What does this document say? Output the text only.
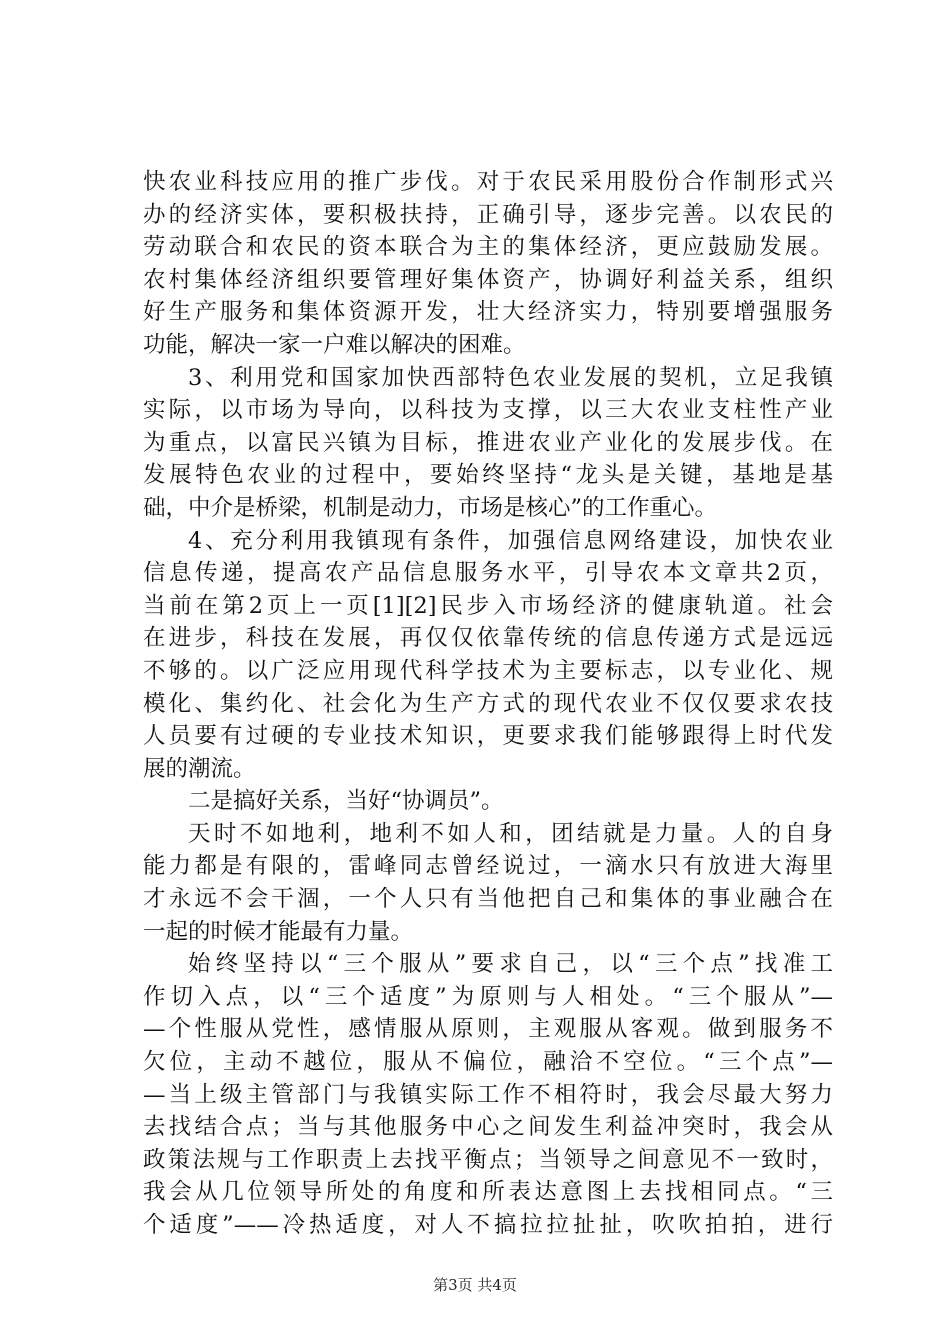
快农业科技应用的推广步伐。对于农民采用股份合作制形式兴
办的经济实体，要积极扶持，正确引导，逐步完善。以农民的
劳动联合和农民的资本联合为主的集体经济，更应鼓励发展。
农村集体经济组织要管理好集体资产，协调好利益关系，组织
好生产服务和集体资源开发，壮大经济实力，特别要增强服务
功能，解决一家一户难以解决的困难。
3、利用党和国家加快西部特色农业发展的契机，立足我镇
实际，以市场为导向，以科技为支撑，以三大农业支柱性产业
为重点，以富民兴镇为目标，推进农业产业化的发展步伐。在
发展特色农业的过程中，要始终坚持“龙头是关键，基地是基
础，中介是桥梁，机制是动力，市场是核心”的工作重心。
4、充分利用我镇现有条件，加强信息网络建设，加快农业
信息传递，提高农产品信息服务水平，引导农本文章共2页，
当前在第2页上一页[1][2]民步入市场经济的健康轨道。社会
在进步，科技在发展，再仅仅依靠传统的信息传递方式是远远
不够的。以广泛应用现代科学技术为主要标志，以专业化、规
模化、集约化、社会化为生产方式的现代农业不仅仅要求农技
人员要有过硬的专业技术知识，更要求我们能够跟得上时代发
展的潮流。
二是搞好关系，当好“协调员”。
天时不如地利，地利不如人和，团结就是力量。人的自身
能力都是有限的，雷峰同志曾经说过，一滴水只有放进大海里
才永远不会干涸，一个人只有当他把自己和集体的事业融合在
一起的时候才能最有力量。
始终坚持以“三个服从”要求自己，以“三个点”找准工
作切入点，以“三个适度”为原则与人相处。“三个服从”—
—个性服从党性，感情服从原则，主观服从客观。做到服务不
欠位，主动不越位，服从不偏位，融洽不空位。“三个点”—
—当上级主管部门与我镇实际工作不相符时，我会尽最大努力
去找结合点；当与其他服务中心之间发生利益冲突时，我会从
政策法规与工作职责上去找平衡点；当领导之间意见不一致时，
我会从几位领导所处的角度和所表达意图上去找相同点。“三
个适度”——冷热适度，对人不搞拉拉扯扯，吹吹拍拍，进行
第3页 共4页
